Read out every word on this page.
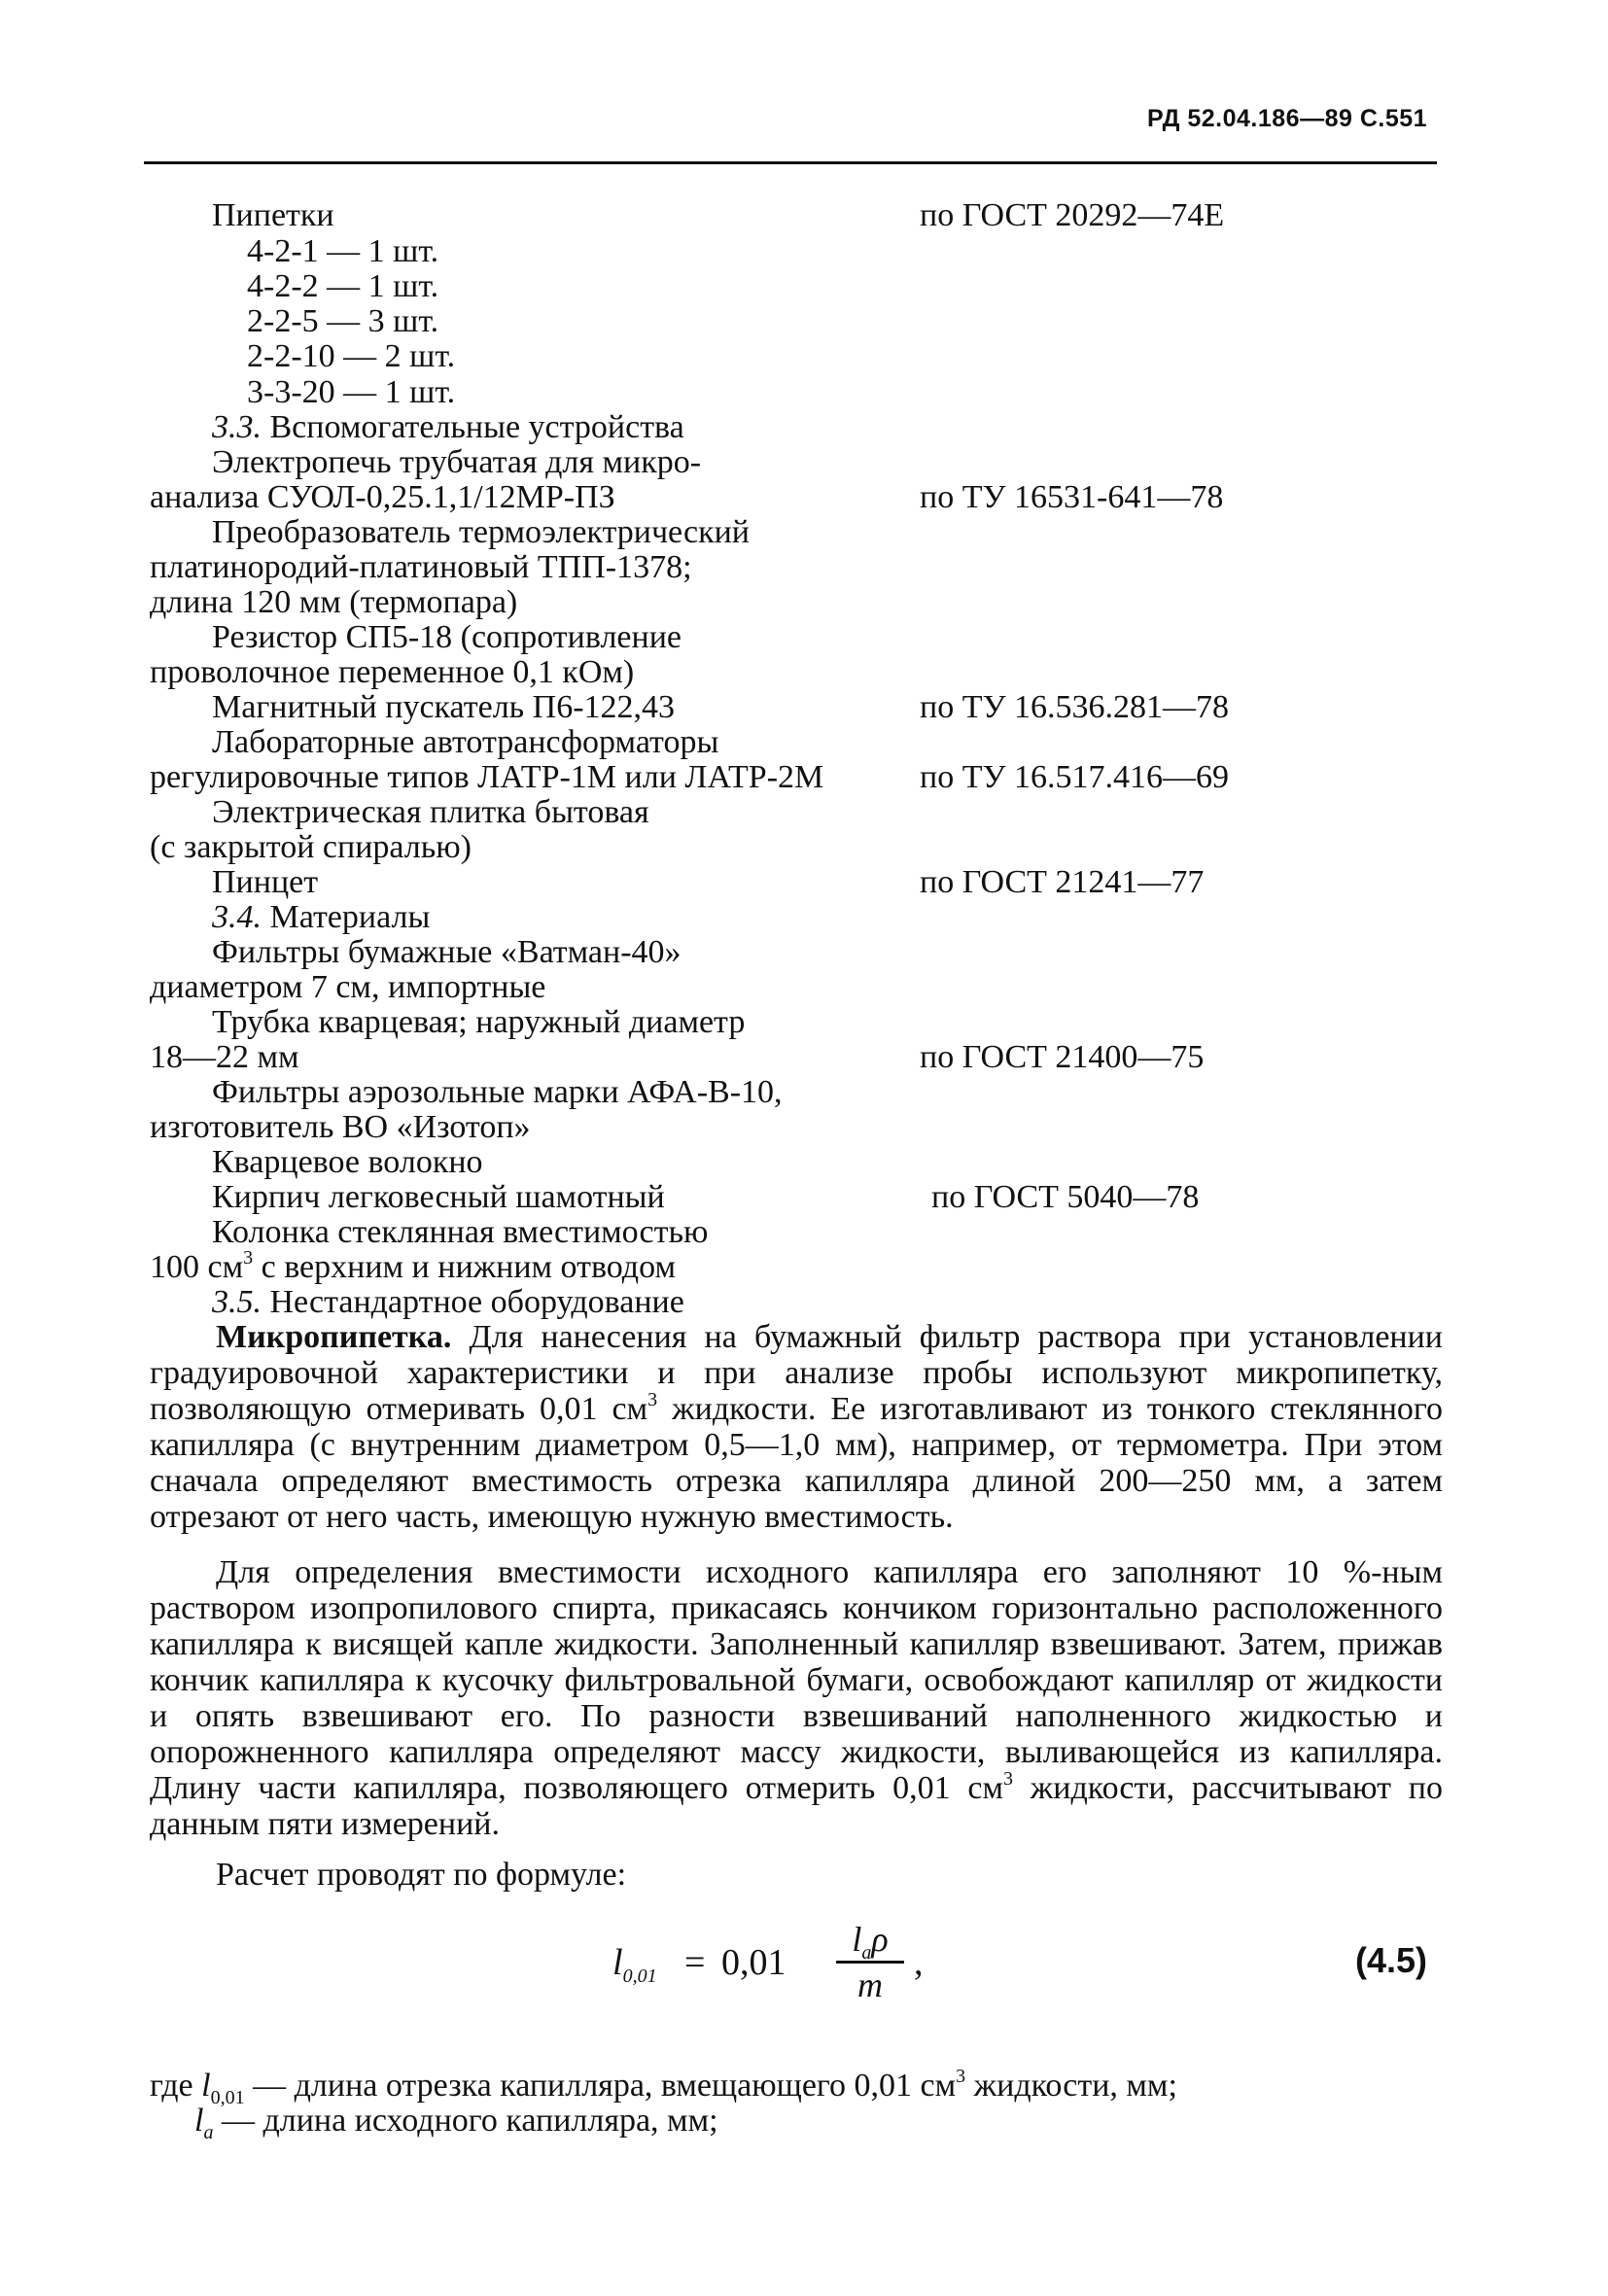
РД 52.04.186—89 С.551
Пипетки	по ГОСТ 20292—74Е
4-2-1 — 1 шт.
4-2-2 — 1 шт.
2-2-5 — 3 шт.
2-2-10 — 2 шт.
3-3-20 — 1 шт.
3.3. Вспомогательные устройства
Электропечь трубчатая для микро-
анализа СУОЛ-0,25.1,1/12МР-ПЗ	по ТУ 16531-641—78
Преобразователь термоэлектрический
платинородий-платиновый ТПП-1378;
длина 120 мм (термопара)
Резистор СП5-18 (сопротивление
проволочное переменное 0,1 кОм)
Магнитный пускатель П6-122,43	по ТУ 16.536.281—78
Лабораторные автотрансформаторы
регулировочные типов ЛАТР-1М или ЛАТР-2М	по ТУ 16.517.416—69
Электрическая плитка бытовая
(с закрытой спиралью)
Пинцет	по ГОСТ 21241—77
3.4. Материалы
Фильтры бумажные «Ватман-40»
диаметром 7 см, импортные
Трубка кварцевая; наружный диаметр
18—22 мм	по ГОСТ 21400—75
Фильтры аэрозольные марки АФА-В-10,
изготовитель ВО «Изотоп»
Кварцевое волокно
Кирпич легковесный шамотный	по ГОСТ 5040—78
Колонка стеклянная вместимостью
100 $см^3$ с верхним и нижним отводом
3.5. Нестандартное оборудование
Микропипетка. Для нанесения на бумажный фильтр раствора при установлении градуировочной характеристики и при анализе пробы используют микропипетку, позволяющую отмеривать 0,01 $см^3$ жидкости. Ее изготавливают из тонкого стеклянного капилляра (с внутренним диаметром 0,5—1,0 мм), например, от термометра. При этом сначала определяют вместимость отрезка капилляра длиной 200—250 мм, а затем отрезают от него часть, имеющую нужную вместимость.
Для определения вместимости исходного капилляра его заполняют 10 %-ным раствором изопропилового спирта, прикасаясь кончиком горизонтально расположенного капилляра к висящей капле жидкости. Заполненный капилляр взвешивают. Затем, прижав кончик капилляра к кусочку фильтровальной бумаги, освобождают капилляр от жидкости и опять взвешивают его. По разности взвешиваний наполненного жидкостью и опорожненного капилляра определяют массу жидкости, выливающейся из капилляра. Длину части капилляра, позволяющего отмерить 0,01 $см^3$ жидкости, рассчитывают по данным пяти измерений.
Расчет проводят по формуле:
$l_{0,01} = 0,01$
$l_a\rho$
m
,	(4.5)
где $l_{0,01}$ — длина отрезка капилляра, вмещающего 0,01 $см^3$ жидкости, мм;
$l_a$ — длина исходного капилляра, мм;
